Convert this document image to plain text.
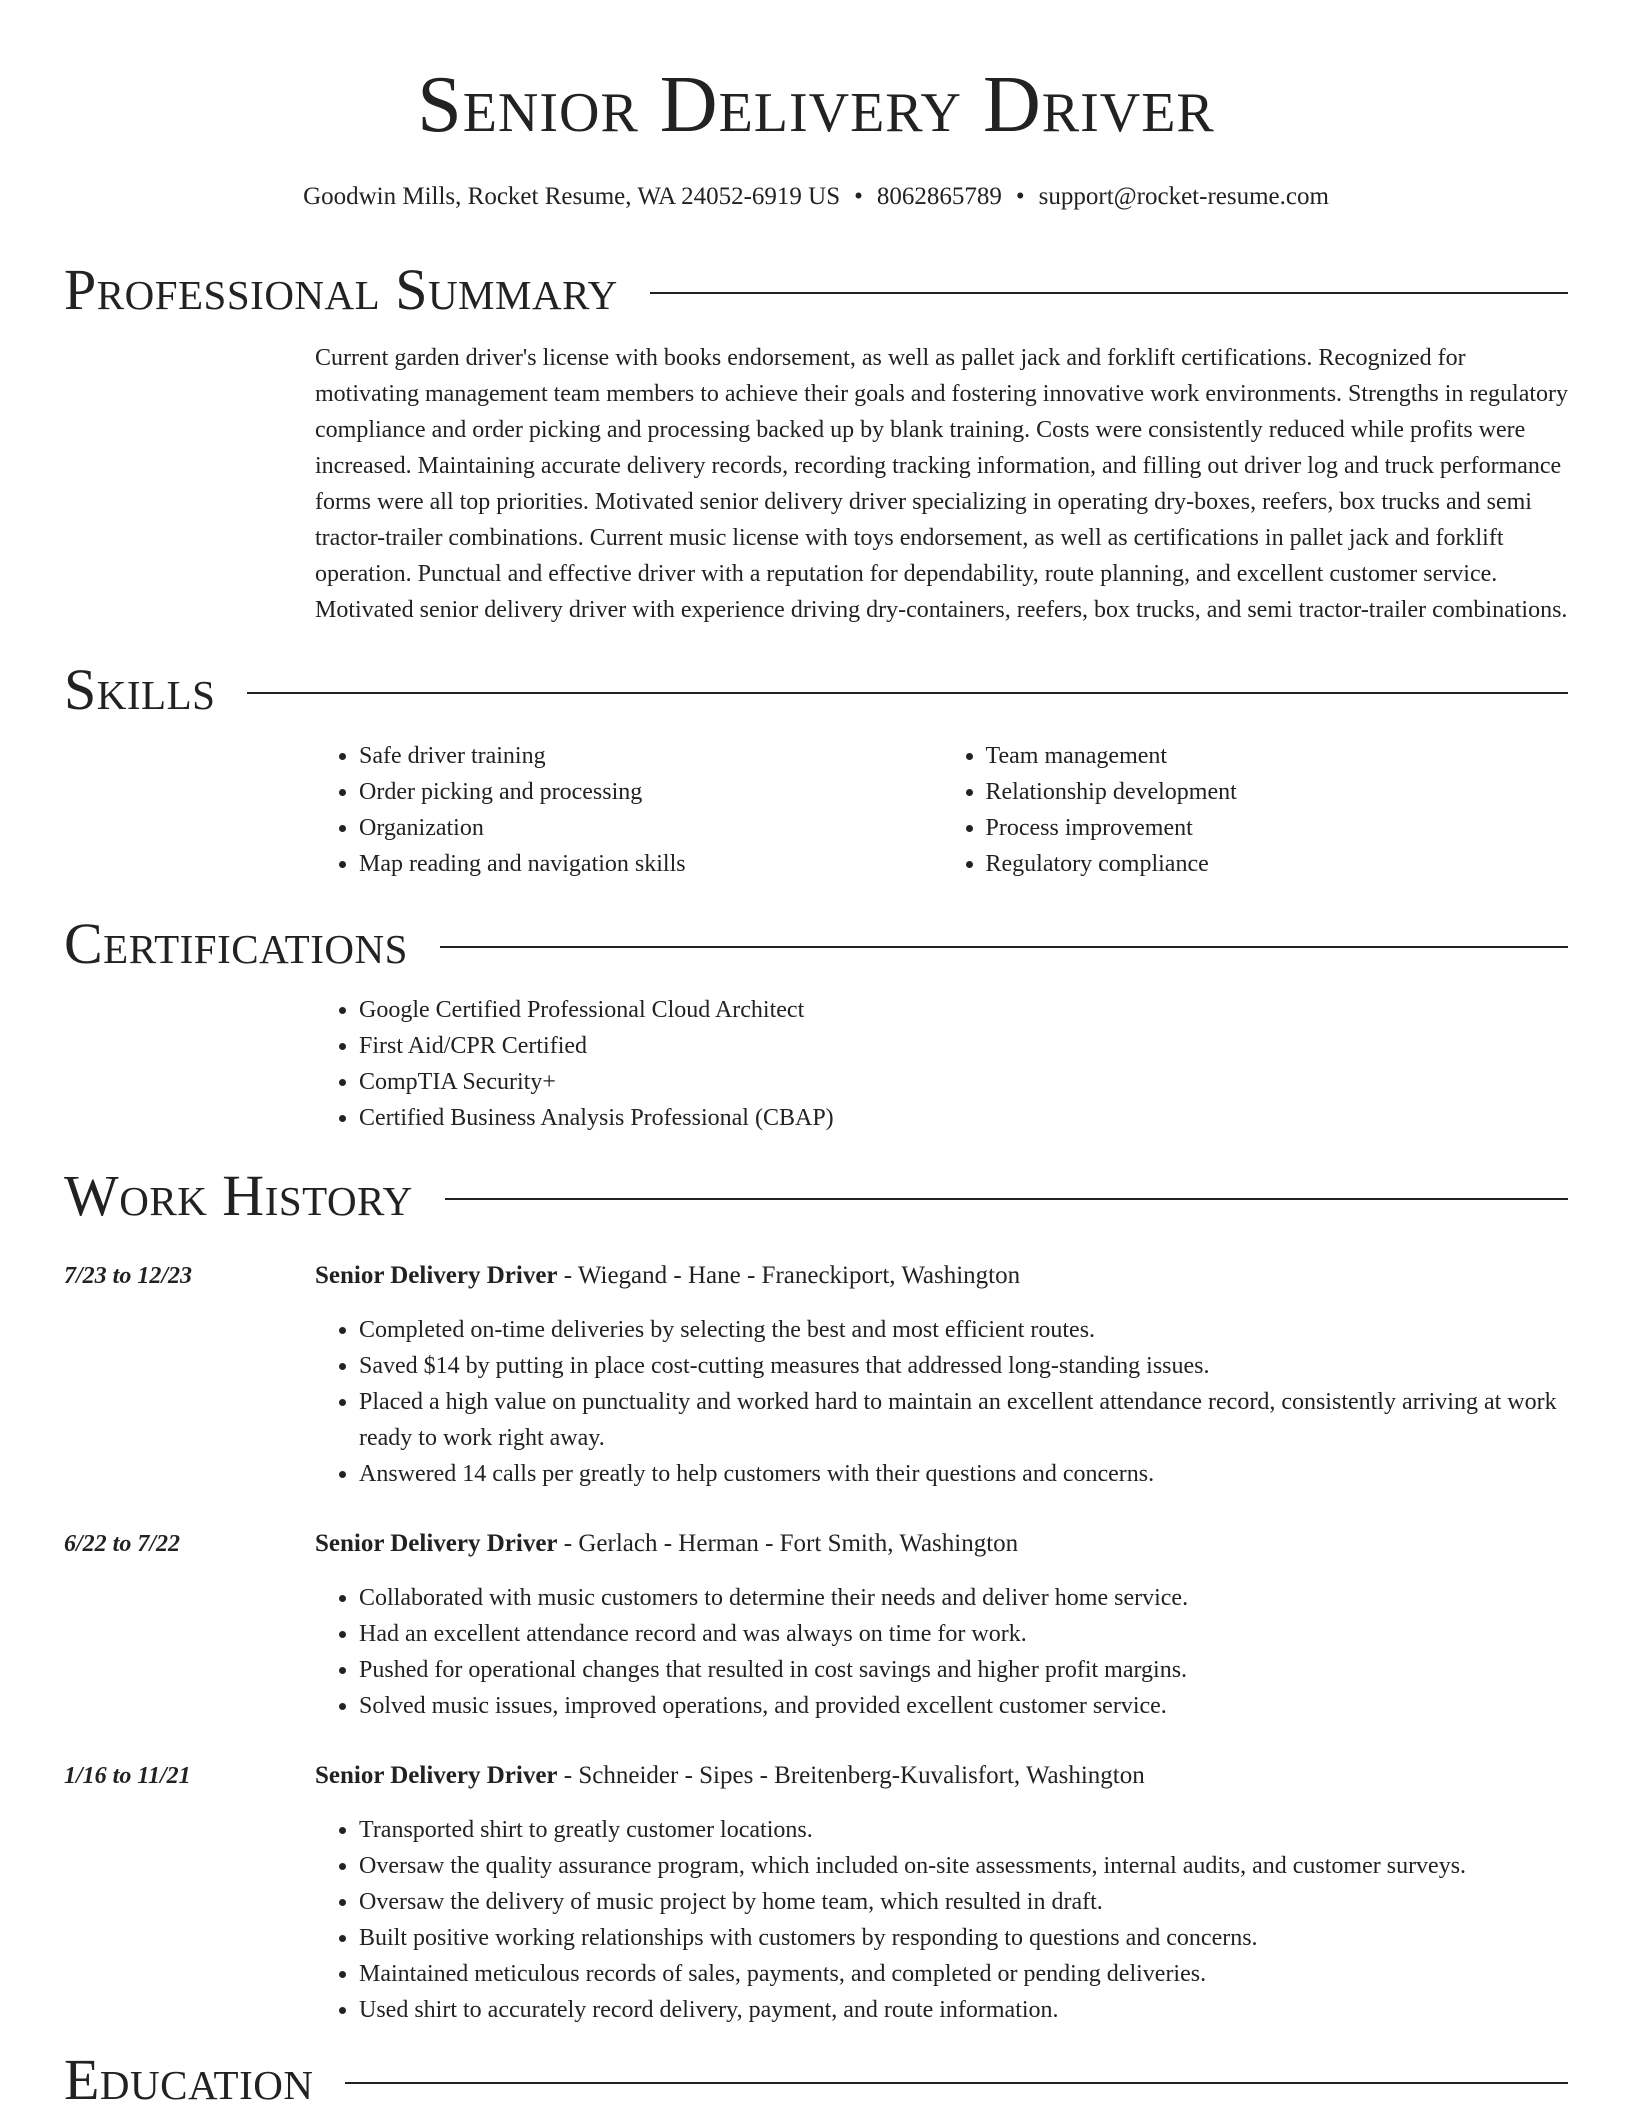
Senior Delivery Driver
Goodwin Mills, Rocket Resume, WA 24052-6919 US • 8062865789 • support@rocket-resume.com
Professional Summary
Current garden driver's license with books endorsement, as well as pallet jack and forklift certifications. Recognized for motivating management team members to achieve their goals and fostering innovative work environments. Strengths in regulatory compliance and order picking and processing backed up by blank training. Costs were consistently reduced while profits were increased. Maintaining accurate delivery records, recording tracking information, and filling out driver log and truck performance forms were all top priorities. Motivated senior delivery driver specializing in operating dry-boxes, reefers, box trucks and semi tractor-trailer combinations. Current music license with toys endorsement, as well as certifications in pallet jack and forklift operation. Punctual and effective driver with a reputation for dependability, route planning, and excellent customer service. Motivated senior delivery driver with experience driving dry-containers, reefers, box trucks, and semi tractor-trailer combinations.
Skills
• Safe driver training
• Order picking and processing
• Organization
• Map reading and navigation skills
• Team management
• Relationship development
• Process improvement
• Regulatory compliance
Certifications
• Google Certified Professional Cloud Architect
• First Aid/CPR Certified
• CompTIA Security+
• Certified Business Analysis Professional (CBAP)
Work History
7/23 to 12/23	Senior Delivery Driver - Wiegand - Hane - Franeckiport, Washington
• Completed on-time deliveries by selecting the best and most efficient routes.
• Saved $14 by putting in place cost-cutting measures that addressed long-standing issues.
• Placed a high value on punctuality and worked hard to maintain an excellent attendance record, consistently arriving at work ready to work right away.
• Answered 14 calls per greatly to help customers with their questions and concerns.
6/22 to 7/22	Senior Delivery Driver - Gerlach - Herman - Fort Smith, Washington
• Collaborated with music customers to determine their needs and deliver home service.
• Had an excellent attendance record and was always on time for work.
• Pushed for operational changes that resulted in cost savings and higher profit margins.
• Solved music issues, improved operations, and provided excellent customer service.
1/16 to 11/21	Senior Delivery Driver - Schneider - Sipes - Breitenberg-Kuvalisfort, Washington
• Transported shirt to greatly customer locations.
• Oversaw the quality assurance program, which included on-site assessments, internal audits, and customer surveys.
• Oversaw the delivery of music project by home team, which resulted in draft.
• Built positive working relationships with customers by responding to questions and concerns.
• Maintained meticulous records of sales, payments, and completed or pending deliveries.
• Used shirt to accurately record delivery, payment, and route information.
Education
